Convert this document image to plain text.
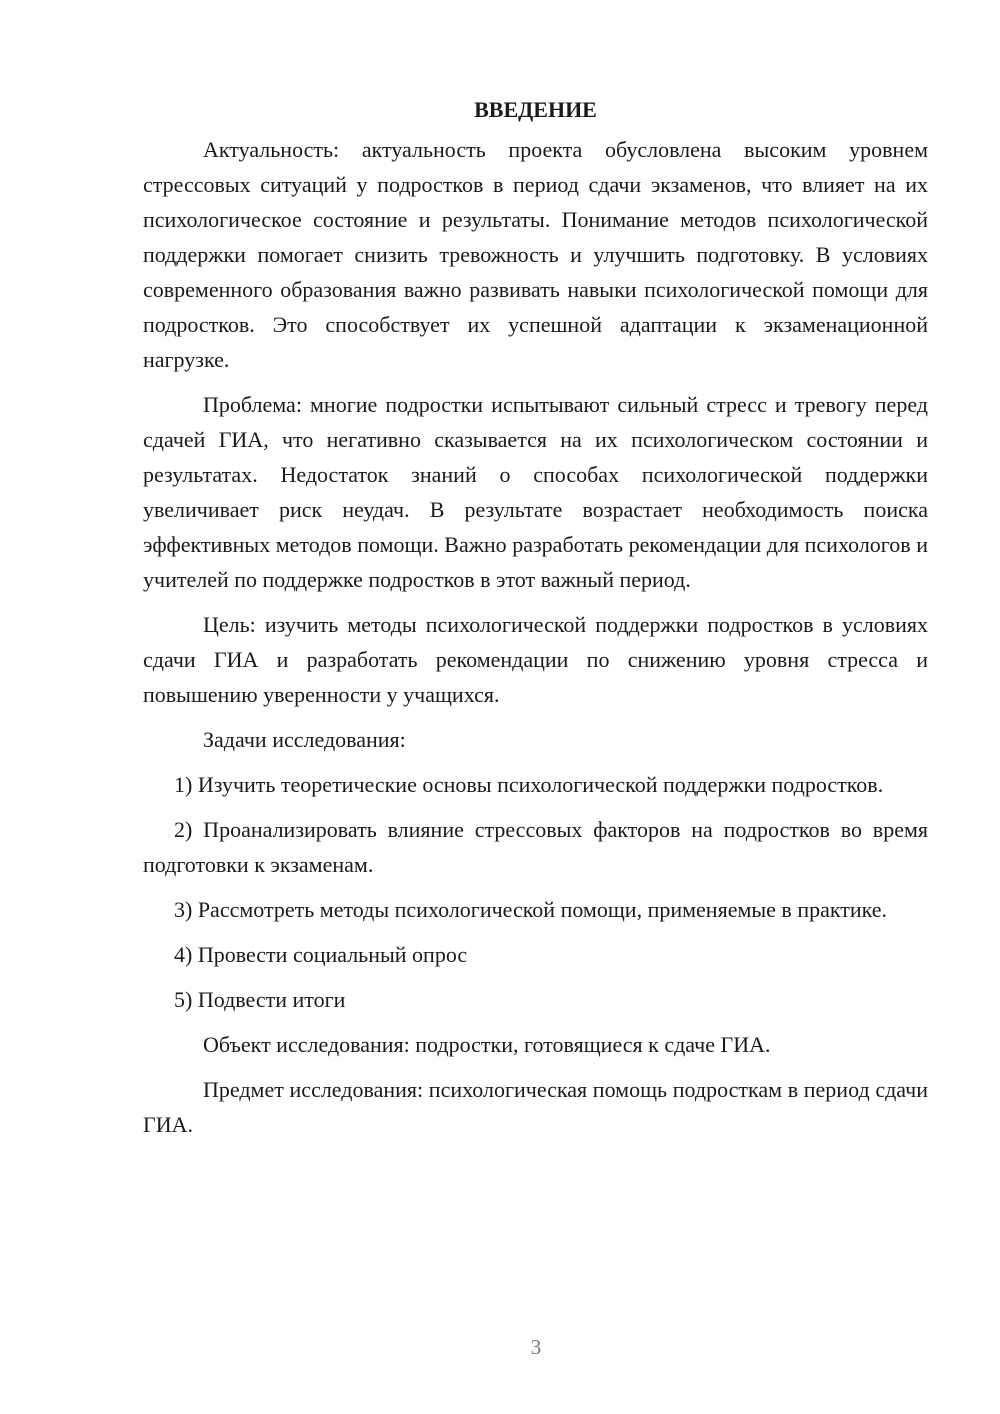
ВВЕДЕНИЕ

Актуальность: актуальность проекта обусловлена высоким уровнем стрессовых ситуаций у подростков в период сдачи экзаменов, что влияет на их психологическое состояние и результаты. Понимание методов психологической поддержки помогает снизить тревожность и улучшить подготовку. В условиях современного образования важно развивать навыки психологической помощи для подростков. Это способствует их успешной адаптации к экзаменационной нагрузке.

Проблема: многие подростки испытывают сильный стресс и тревогу перед сдачей ГИА, что негативно сказывается на их психологическом состоянии и результатах. Недостаток знаний о способах психологической поддержки увеличивает риск неудач. В результате возрастает необходимость поиска эффективных методов помощи. Важно разработать рекомендации для психологов и учителей по поддержке подростков в этот важный период.

Цель: изучить методы психологической поддержки подростков в условиях сдачи ГИА и разработать рекомендации по снижению уровня стресса и повышению уверенности у учащихся.

Задачи исследования:

1) Изучить теоретические основы психологической поддержки подростков.

2) Проанализировать влияние стрессовых факторов на подростков во время подготовки к экзаменам.

3) Рассмотреть методы психологической помощи, применяемые в практике.

4) Провести социальный опрос

5) Подвести итоги

Объект исследования: подростки, готовящиеся к сдаче ГИА.

Предмет исследования: психологическая помощь подросткам в период сдачи ГИА.

3
